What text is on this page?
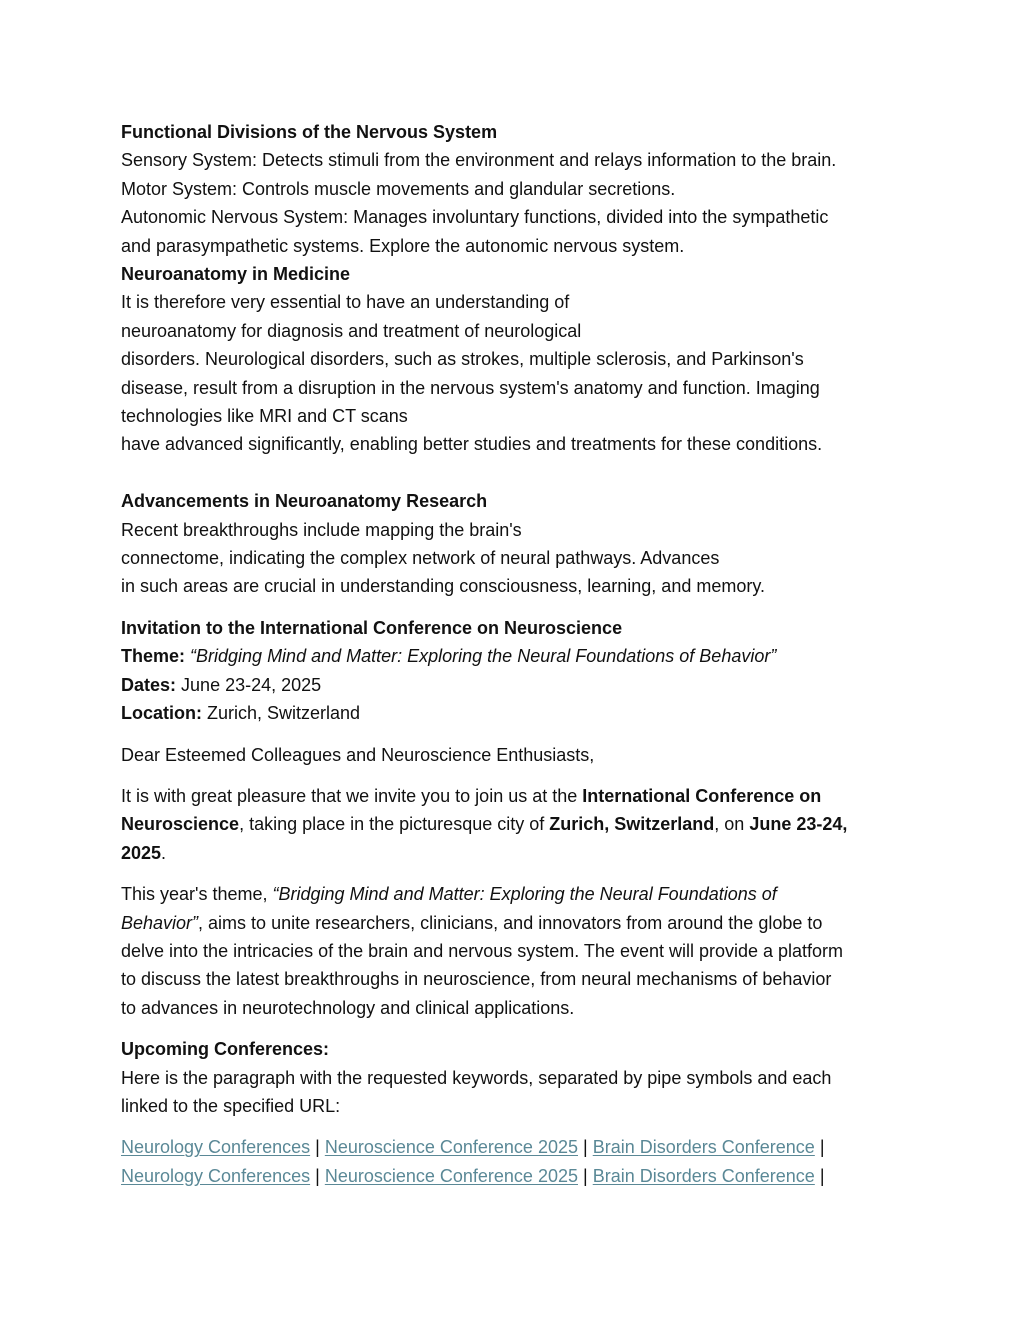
Functional Divisions of the Nervous System
Sensory System: Detects stimuli from the environment and relays information to the brain.
Motor System: Controls muscle movements and glandular secretions.
Autonomic Nervous System: Manages involuntary functions, divided into the sympathetic
and parasympathetic systems. Explore the autonomic nervous system.
Neuroanatomy in Medicine
It is therefore very essential to have an understanding of
neuroanatomy for diagnosis and treatment of neurological
disorders. Neurological disorders, such as strokes, multiple sclerosis, and Parkinson's
disease, result from a disruption in the nervous system's anatomy and function. Imaging
technologies like MRI and CT scans
have advanced significantly, enabling better studies and treatments for these conditions.
Advancements in Neuroanatomy Research
Recent breakthroughs include mapping the brain's
connectome, indicating the complex network of neural pathways. Advances
in such areas are crucial in understanding consciousness, learning, and memory.
Invitation to the International Conference on Neuroscience
Theme: “Bridging Mind and Matter: Exploring the Neural Foundations of Behavior”
Dates: June 23-24, 2025
Location: Zurich, Switzerland
Dear Esteemed Colleagues and Neuroscience Enthusiasts,
It is with great pleasure that we invite you to join us at the International Conference on
Neuroscience, taking place in the picturesque city of Zurich, Switzerland, on June 23-24,
2025.
This year's theme, “Bridging Mind and Matter: Exploring the Neural Foundations of
Behavior”, aims to unite researchers, clinicians, and innovators from around the globe to
delve into the intricacies of the brain and nervous system. The event will provide a platform
to discuss the latest breakthroughs in neuroscience, from neural mechanisms of behavior
to advances in neurotechnology and clinical applications.
Upcoming Conferences:
Here is the paragraph with the requested keywords, separated by pipe symbols and each
linked to the specified URL:
Neurology Conferences | Neuroscience Conference 2025 | Brain Disorders Conference |
Neurology Conferences | Neuroscience Conference 2025 | Brain Disorders Conference |
